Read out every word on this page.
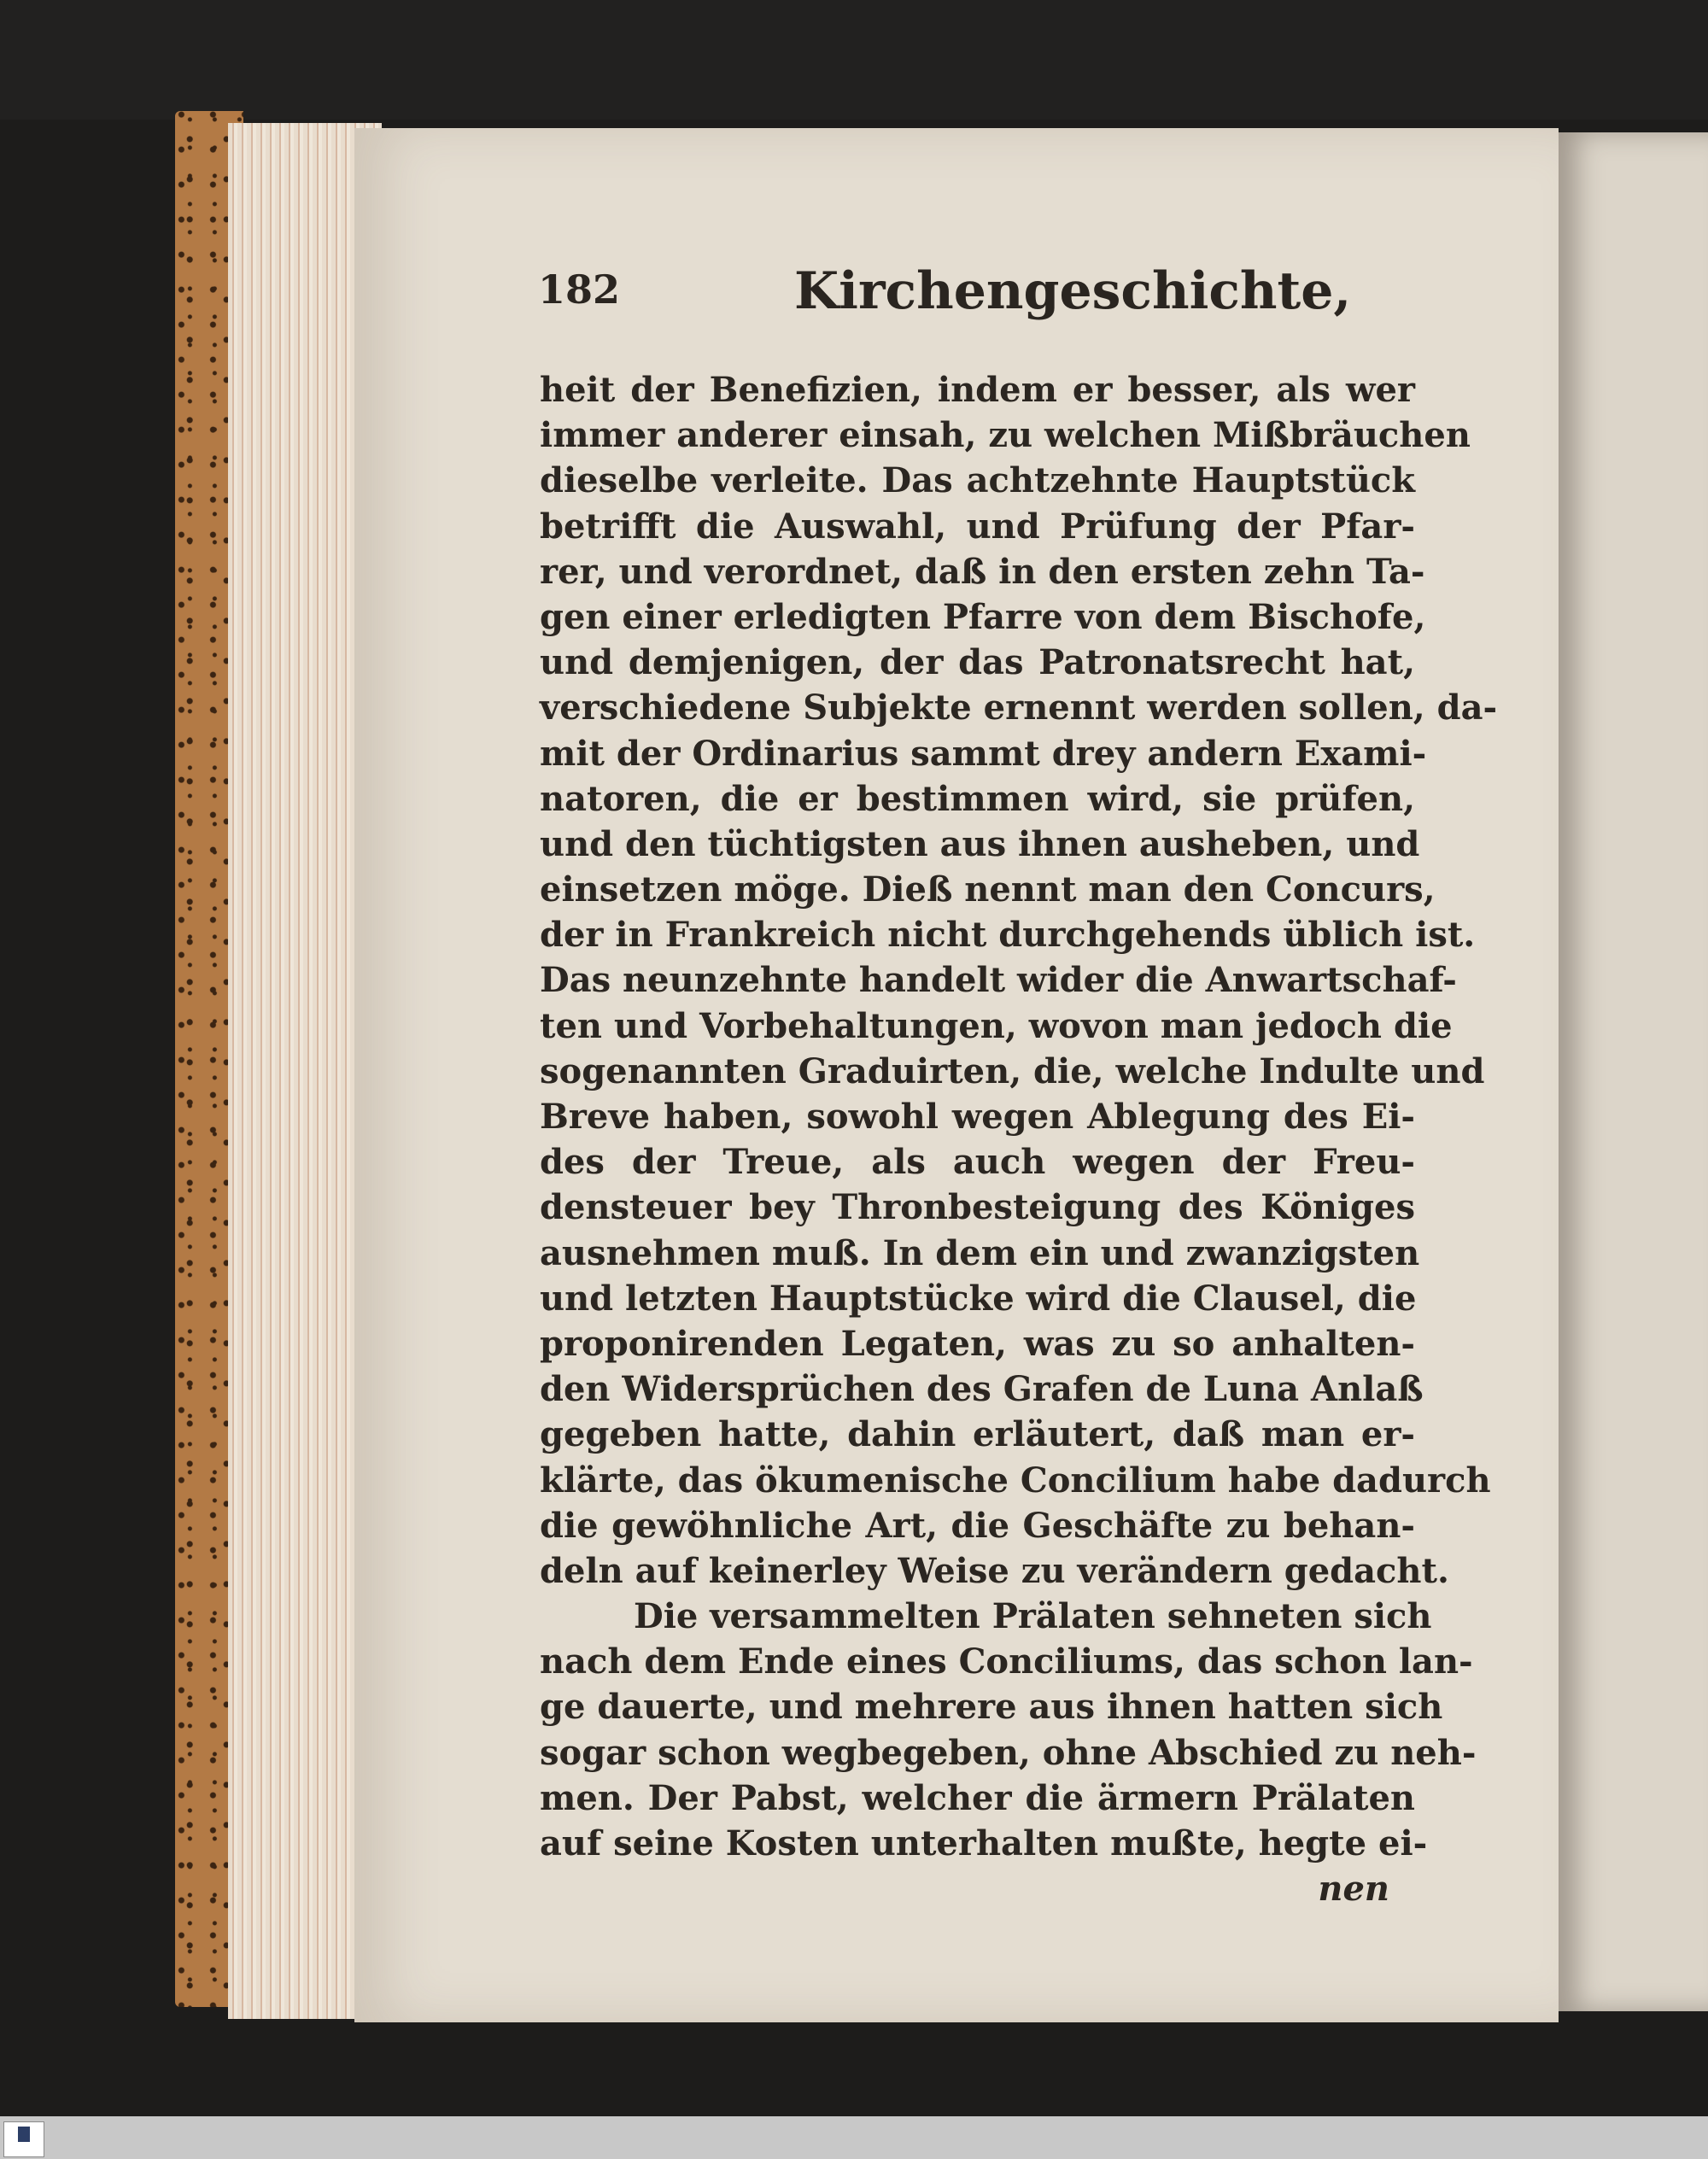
182	Kirchengeschichte,
heit der Benefizien, indem er besser, als wer
immer anderer einsah, zu welchen Mißbräuchen
dieselbe verleite. Das achtzehnte Hauptstück
betrifft die Auswahl, und Prüfung der Pfar-
rer, und verordnet, daß in den ersten zehn Ta-
gen einer erledigten Pfarre von dem Bischofe,
und demjenigen, der das Patronatsrecht hat,
verschiedene Subjekte ernennt werden sollen, da-
mit der Ordinarius sammt drey andern Exami-
natoren, die er bestimmen wird, sie prüfen,
und den tüchtigsten aus ihnen ausheben, und
einsetzen möge. Dieß nennt man den Concurs,
der in Frankreich nicht durchgehends üblich ist.
Das neunzehnte handelt wider die Anwartschaf-
ten und Vorbehaltungen, wovon man jedoch die
sogenannten Graduirten, die, welche Indulte und
Breve haben, sowohl wegen Ablegung des Ei-
des der Treue, als auch wegen der Freu-
densteuer bey Thronbesteigung des Königes
ausnehmen muß. In dem ein und zwanzigsten
und letzten Hauptstücke wird die Clausel, die
proponirenden Legaten, was zu so anhalten-
den Widersprüchen des Grafen de Luna Anlaß
gegeben hatte, dahin erläutert, daß man er-
klärte, das ökumenische Concilium habe dadurch
die gewöhnliche Art, die Geschäfte zu behan-
deln auf keinerley Weise zu verändern gedacht.
Die versammelten Prälaten sehneten sich
nach dem Ende eines Conciliums, das schon lan-
ge dauerte, und mehrere aus ihnen hatten sich
sogar schon wegbegeben, ohne Abschied zu neh-
men. Der Pabst, welcher die ärmern Prälaten
auf seine Kosten unterhalten mußte, hegte ei-
nen
